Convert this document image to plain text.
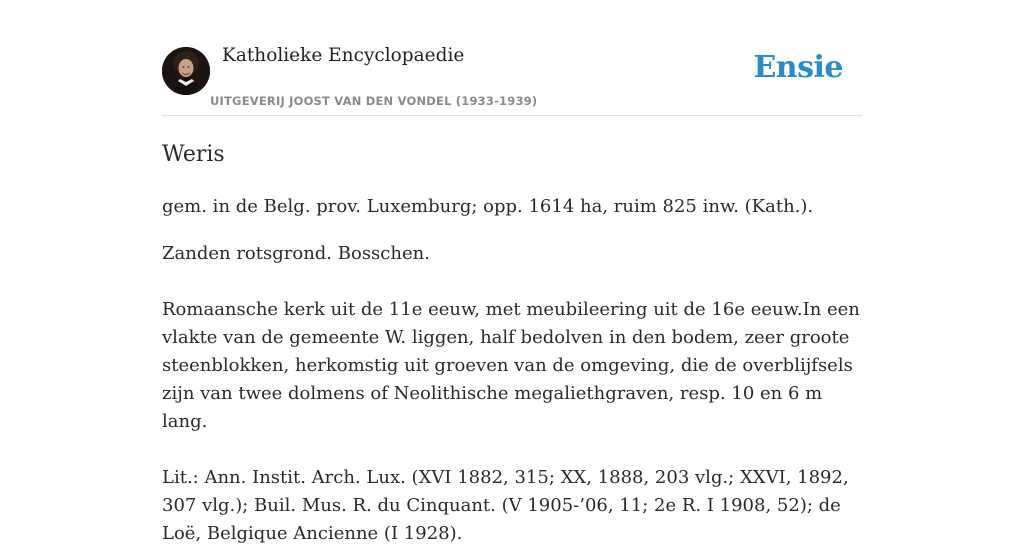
Katholieke Encyclopaedie
UITGEVERIJ JOOST VAN DEN VONDEL (1933-1939)
Ensie
Weris

gem. in de Belg. prov. Luxemburg; opp. 1614 ha, ruim 825 inw. (Kath.).

Zanden rotsgrond. Bosschen.

Romaansche kerk uit de 11e eeuw, met meubileering uit de 16e eeuw.In een vlakte van de gemeente W. liggen, half bedolven in den bodem, zeer groote steenblokken, herkomstig uit groeven van de omgeving, die de overblijfsels zijn van twee dolmens of Neolithische megaliethgraven, resp. 10 en 6 m lang.

Lit.: Ann. Instit. Arch. Lux. (XVI 1882, 315; XX, 1888, 203 vlg.; XXVI, 1892, 307 vlg.); Buil. Mus. R. du Cinquant. (V 1905-’06, 11; 2e R. I 1908, 52); de Loë, Belgique Ancienne (I 1928).
